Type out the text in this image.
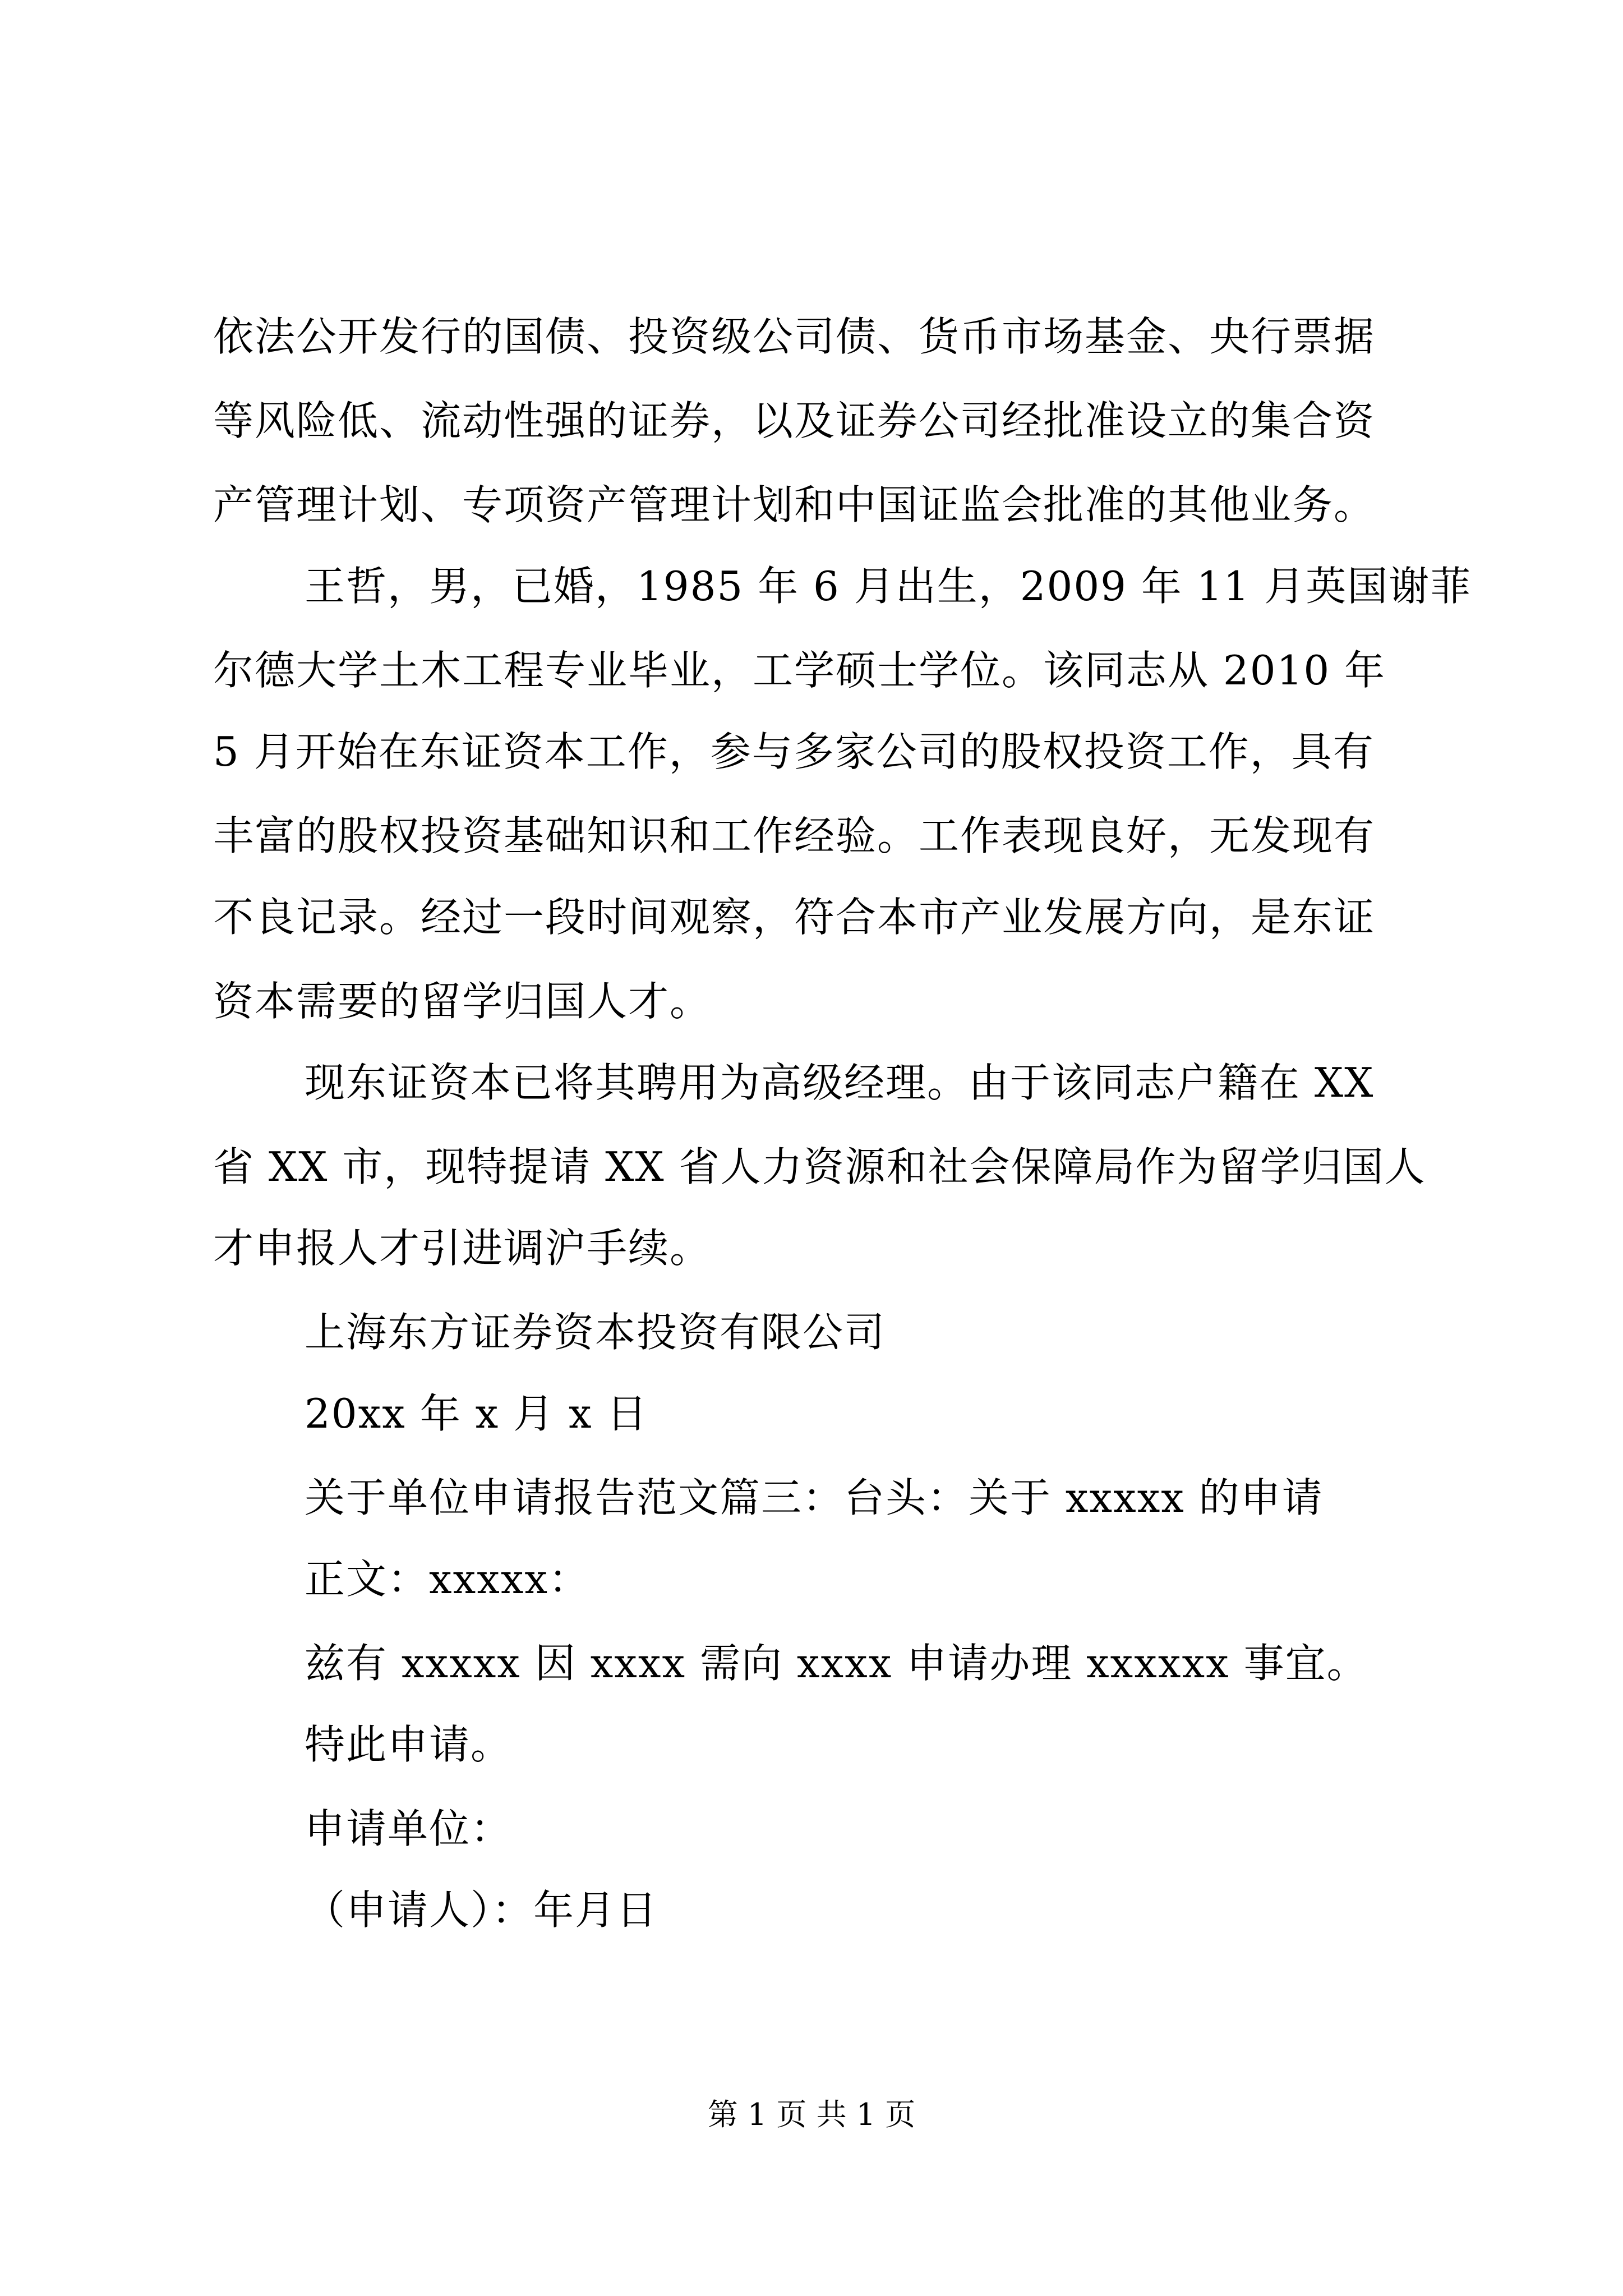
依法公开发行的国债、投资级公司债、货币市场基金、央行票据
等风险低、流动性强的证券，以及证券公司经批准设立的集合资
产管理计划、专项资产管理计划和中国证监会批准的其他业务。
王哲，男，已婚，1985 年 6 月出生，2009 年 11 月英国谢菲
尔德大学土木工程专业毕业，工学硕士学位。该同志从 2010 年
5 月开始在东证资本工作，参与多家公司的股权投资工作，具有
丰富的股权投资基础知识和工作经验。工作表现良好，无发现有
不良记录。经过一段时间观察，符合本市产业发展方向，是东证
资本需要的留学归国人才。
现东证资本已将其聘用为高级经理。由于该同志户籍在 XX
省 XX 市，现特提请 XX 省人力资源和社会保障局作为留学归国人
才申报人才引进调沪手续。
上海东方证券资本投资有限公司
20xx 年 x 月 x 日
关于单位申请报告范文篇三：台头：关于 xxxxx 的申请
正文：xxxxx：
兹有 xxxxx 因 xxxx 需向 xxxx 申请办理 xxxxxx 事宜。
特此申请。
申请单位：
（申请人）：年月日
第 1 页 共 1 页
